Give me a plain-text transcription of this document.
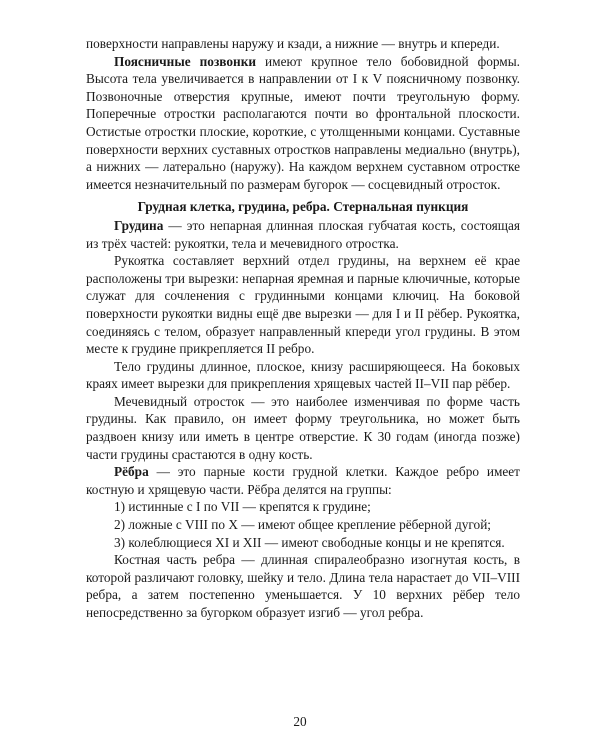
поверхности направлены наружу и кзади, а нижние — внутрь и кпереди.

Поясничные позвонки имеют крупное тело бобовидной формы. Высота тела увеличивается в направлении от I к V поясничному позвонку. Позвоночные отверстия крупные, имеют почти треугольную форму. Поперечные отростки располагаются почти во фронтальной плоскости. Остистые отростки плоские, короткие, с утолщенными концами. Суставные поверхности верхних суставных отростков направлены медиально (внутрь), а нижних — латерально (наружу). На каждом верхнем суставном отростке имеется незначительный по размерам бугорок — сосцевидный отросток.

Грудная клетка, грудина, ребра. Стернальная пункция

Грудина — это непарная длинная плоская губчатая кость, состоящая из трёх частей: рукоятки, тела и мечевидного отростка.

Рукоятка составляет верхний отдел грудины, на верхнем её крае расположены три вырезки: непарная яремная и парные ключичные, которые служат для сочленения с грудинными концами ключиц. На боковой поверхности рукоятки видны ещё две вырезки — для I и II рёбер. Рукоятка, соединяясь с телом, образует направленный кпереди угол грудины. В этом месте к грудине прикрепляется II ребро.

Тело грудины длинное, плоское, книзу расширяющееся. На боковых краях имеет вырезки для прикрепления хрящевых частей II–VII пар рёбер.

Мечевидный отросток — это наиболее изменчивая по форме часть грудины. Как правило, он имеет форму треугольника, но может быть раздвоен книзу или иметь в центре отверстие. К 30 годам (иногда позже) части грудины срастаются в одну кость.

Рёбра — это парные кости грудной клетки. Каждое ребро имеет костную и хрящевую части. Рёбра делятся на группы:

1) истинные с I по VII — крепятся к грудине;

2) ложные с VIII по X — имеют общее крепление рёберной дугой;

3) колеблющиеся XI и XII — имеют свободные концы и не крепятся.

Костная часть ребра — длинная спиралеобразно изогнутая кость, в которой различают головку, шейку и тело. Длина тела нарастает до VII–VIII ребра, а затем постепенно уменьшается. У 10 верхних рёбер тело непосредственно за бугорком образует изгиб — угол ребра.

20
